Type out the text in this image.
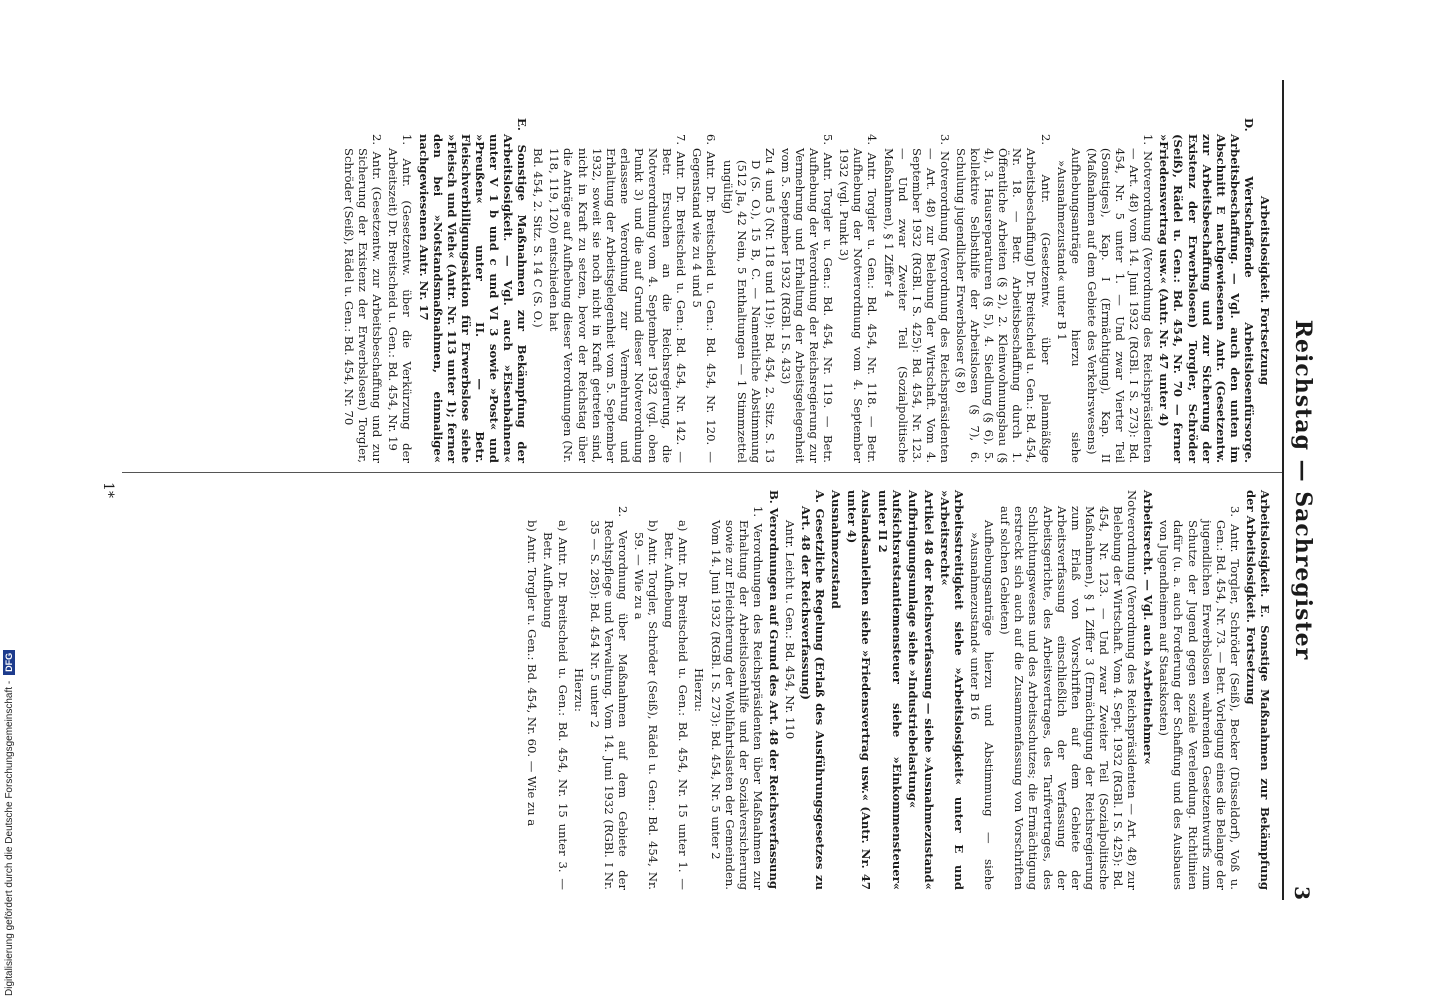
Reichstag — Sachregister
3

Arbeitslosigkeit. Fortsetzung

D. Wertschaffende Arbeitslosenfürsorge. Arbeitsbeschaffung. — Vgl. auch den unten im Abschnitt E nachgewiesenen Antr. (Gesetzentw. zur Arbeitsbeschaffung und zur Sicherung der Existenz der Erwerbslosen) Torgler, Schröder (Seiß), Rädel u. Gen.: Bd. 454, Nr. 70 — ferner »Friedensvertrag usw.« (Antr. Nr. 47 unter 4)

1. Notverordnung (Verordnung des Reichspräsidenten — Art. 48) vom 14. Juni 1932 (RGBl. I S. 273): Bd. 454, Nr. 5 unter 1. — Und zwar Vierter Teil (Sonstiges), Kap. I (Ermächtigung), Kap. II (Maßnahmen auf dem Gebiete des Verkehrswesens)

Aufhebungsanträge hierzu siehe »Ausnahmezustand« unter B 1

2. Antr. (Gesetzentw. über planmäßige Arbeitsbeschaffung) Dr. Breitscheid u. Gen.: Bd. 454, Nr. 18. — Betr. Arbeitsbeschaffung durch 1. Öffentliche Arbeiten (§ 2), 2. Kleinwohnungsbau (§ 4), 3. Hausreparaturen (§ 5), 4. Siedlung (§ 6), 5. kollektive Selbsthilfe der Arbeitslosen (§ 7), 6. Schulung jugendlicher Erwerbsloser (§ 8)

3. Notverordnung (Verordnung des Reichspräsidenten — Art. 48) zur Belebung der Wirtschaft. Vom 4. September 1932 (RGBl. I S. 425): Bd. 454, Nr. 123. — Und zwar Zweiter Teil (Sozialpolitische Maßnahmen), § 1 Ziffer 4

4. Antr. Torgler u. Gen.: Bd. 454, Nr. 118. — Betr. Aufhebung der Notverordnung vom 4. September 1932 (vgl. Punkt 3)

5. Antr. Torgler u. Gen.: Bd. 454, Nr. 119. — Betr. Aufhebung der Verordnung der Reichsregierung zur Vermehrung und Erhaltung der Arbeitsgelegenheit vom 5. September 1932 (RGBl. I S. 433)

Zu 4 und 5 (Nr. 118 und 119): Bd. 454, 2. Sitz. S. 13 D (S. O.), 15 B, C. — Namentliche Abstimmung (512 Ja, 42 Nein, 5 Enthaltungen — 1 Stimmzettel ungültig)

6. Antr. Dr. Breitscheid u. Gen.: Bd. 454, Nr. 120. — Gegenstand wie zu 4 und 5

7. Antr. Dr. Breitscheid u. Gen.: Bd. 454, Nr. 142. — Betr. Ersuchen an die Reichsregierung, die Notverordnung vom 4. September 1932 (vgl. oben Punkt 3) und die auf Grund dieser Notverordnung erlassene Verordnung zur Vermehrung und Erhaltung der Arbeitsgelegenheit vom 5. September 1932, soweit sie noch nicht in Kraft getreten sind, nicht in Kraft zu setzen, bevor der Reichstag über die Anträge auf Aufhebung dieser Verordnungen (Nr. 118, 119, 120) entschieden hat

Bd. 454, 2. Sitz. S. 14 C (S. O.)

E. Sonstige Maßnahmen zur Bekämpfung der Arbeitslosigkeit. — Vgl. auch »Eisenbahnen« unter V 1 b und c und VI 3 sowie »Post« und »Preußen« unter II. — Betr. Fleischverbilligungsaktion für Erwerbslose siehe »Fleisch und Vieh« (Antr. Nr. 113 unter 1); ferner den bei »Notstandsmaßnahmen, einmalige« nachgewiesenen Antr. Nr. 17

1. Antr. (Gesetzentw. über die Verkürzung der Arbeitszeit) Dr. Breitscheid u. Gen.: Bd. 454, Nr. 19

2. Antr. (Gesetzentw. zur Arbeitsbeschaffung und zur Sicherung der Existenz der Erwerbslosen) Torgler, Schröder (Seiß), Rädel u. Gen.: Bd. 454, Nr. 70

Arbeitslosigkeit. E. Sonstige Maßnahmen zur Bekämpfung der Arbeitslosigkeit. Fortsetzung

3. Antr. Torgler, Schröder (Seiß), Becker (Düsseldorf), Voß u. Gen.: Bd. 454, Nr. 73. — Betr. Vorlegung eines die Belange der jugendlichen Erwerbslosen wahrenden Gesetzentwurfs zum Schutze der Jugend gegen soziale Verelendung. Richtlinien dafür (u. a. auch Forderung der Schaffung und des Ausbaues von Jugendheimen auf Staatskosten)

Arbeitsrecht. — Vgl. auch »Arbeitnehmer«

Notverordnung (Verordnung des Reichspräsidenten — Art. 48) zur Belebung der Wirtschaft. Vom 4. Sept. 1932 (RGBl. I S. 425): Bd. 454, Nr. 123. — Und zwar Zweiter Teil (Sozialpolitische Maßnahmen), § 1 Ziffer 3 (Ermächtigung der Reichsregierung zum Erlaß von Vorschriften auf dem Gebiete der Arbeitsverfassung einschließlich der Verfassung der Arbeitsgerichte, des Arbeitsvertrages, des Tarifvertrages, des Schlichtungswesens und des Arbeitsschutzes; die Ermächtigung erstreckt sich auch auf die Zusammenfassung von Vorschriften auf solchen Gebieten)

Aufhebungsanträge hierzu und Abstimmung — siehe »Ausnahmezustand« unter B 16

Arbeitsstreitigkeit siehe »Arbeitslosigkeit« unter E und »Arbeitsrecht«

Artikel 48 der Reichsverfassung — siehe »Ausnahmezustand«

Aufbringungsumlage siehe »Industriebelastung«

Aufsichtsratstantiemensteuer siehe »Einkommensteuer« unter II 2

Auslandsanleihen siehe »Friedensvertrag usw.« (Antr. Nr. 47 unter 4)

Ausnahmezustand

A. Gesetzliche Regelung (Erlaß des Ausführungsgesetzes zu Art. 48 der Reichsverfassung)

Antr. Leicht u. Gen.: Bd. 454, Nr. 110

B. Verordnungen auf Grund des Art. 48 der Reichsverfassung

1. Verordnungen des Reichspräsidenten über Maßnahmen zur Erhaltung der Arbeitslosenhilfe und der Sozialversicherung sowie zur Erleichterung der Wohlfahrtslasten der Gemeinden. Vom 14. Juni 1932 (RGBl. I S. 273): Bd. 454, Nr. 5 unter 2

Hierzu:

a) Antr. Dr. Breitscheid u. Gen.: Bd. 454, Nr. 15 unter 1. — Betr. Aufhebung

b) Antr. Torgler, Schröder (Seiß), Rädel u. Gen.: Bd. 454, Nr. 59. — Wie zu a

2. Verordnung über Maßnahmen auf dem Gebiete der Rechtspflege und Verwaltung. Vom 14. Juni 1932 (RGBl. I Nr. 35 — S. 285): Bd. 454 Nr. 5 unter 2

Hierzu:

a) Antr. Dr. Breitscheid u. Gen.: Bd. 454, Nr. 15 unter 3. — Betr. Aufhebung

b) Antr. Torgler u. Gen.: Bd. 454, Nr. 60. — Wie zu a

1*
Digitalisierung gefördert durch die Deutsche Forschungsgemeinschaft -
DFG
